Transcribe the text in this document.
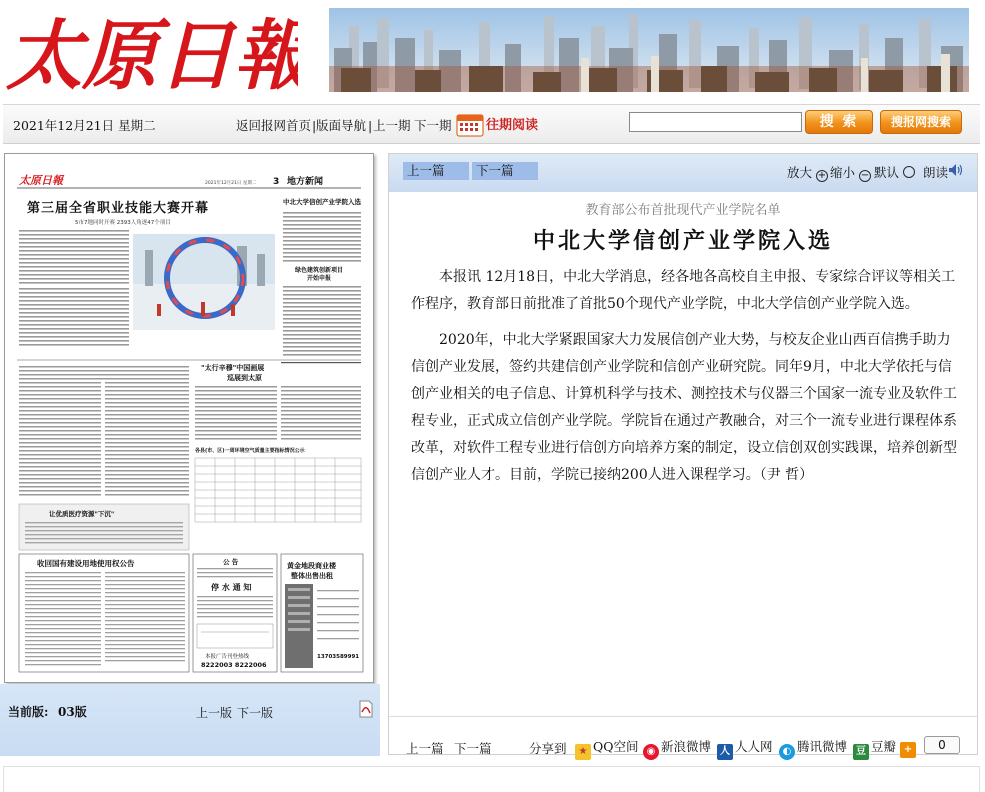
太原日報
2021年12月21日 星期二	返回报网首页 | 版面导航 | 上一期 下一期	往期阅读	搜 索	搜报网搜索
太原日報	2021年12月21日 星期二 3 地方新闻
第三届全省职业技能大赛开幕
5市7地同时开赛 2393人角逐47个项目
中北大学信创产业学院入选
绿色建筑创新项目
开始申报
"太行辛穆"中国画展
巡展到太原
各县(市、区)一周环境空气质量主要指标情况公示
让优质医疗资源"下沉"
收回国有建设用地使用权公告	公 告
停 水 通 知
本报广告刊登热线
8222003 8222006
黄金地段商业楼
整体出售出租
13703589991
当前版: 03版	上一版 下一版
上一篇	下一篇	放大 + 缩小 − 默认	朗读
教育部公布首批现代产业学院名单
中北大学信创产业学院入选

本报讯 12月18日，中北大学消息，经各地各高校自主申报、专家综合评议等相关工作程序，教育部日前批准了首批50个现代产业学院，中北大学信创产业学院入选。

2020年，中北大学紧跟国家大力发展信创产业大势，与校友企业山西百信携手助力信创产业发展，签约共建信创产业学院和信创产业研究院。同年9月，中北大学依托与信创产业相关的电子信息、计算机科学与技术、测控技术与仪器三个国家一流专业及软件工程专业，正式成立信创产业学院。学院旨在通过产教融合，对三个一流专业进行课程体系改革，对软件工程专业进行信创方向培养方案的制定，设立信创双创实践课，培养创新型信创产业人才。目前，学院已接纳200人进入课程学习。（尹 哲）

上一篇 下一篇	分享到	★ QQ空间 ◉ 新浪微博 人 人人网	◐ 腾讯微博 豆 豆瓣 +	0
